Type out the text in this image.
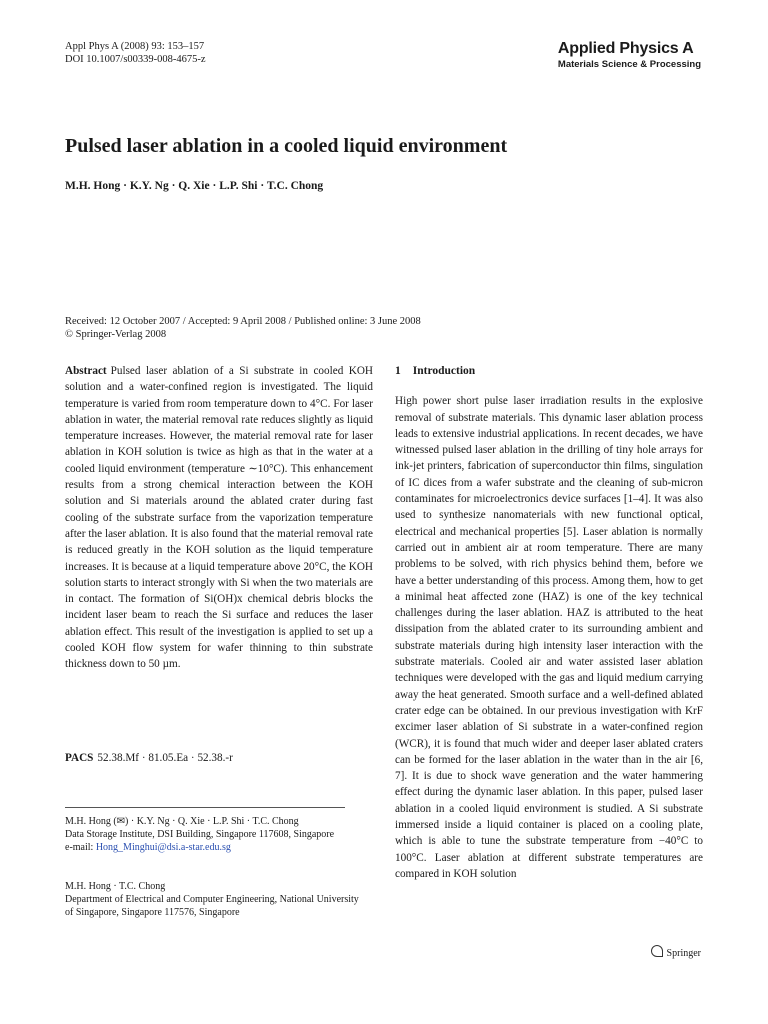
Appl Phys A (2008) 93: 153–157
DOI 10.1007/s00339-008-4675-z
Applied Physics A
Materials Science & Processing
Pulsed laser ablation in a cooled liquid environment
M.H. Hong · K.Y. Ng · Q. Xie · L.P. Shi · T.C. Chong
Received: 12 October 2007 / Accepted: 9 April 2008 / Published online: 3 June 2008
© Springer-Verlag 2008

Abstract Pulsed laser ablation of a Si substrate in cooled KOH solution and a water-confined region is investigated. The liquid temperature is varied from room temperature down to 4°C. For laser ablation in water, the material removal rate reduces slightly as liquid temperature increases. However, the material removal rate for laser ablation in KOH solution is twice as high as that in the water at a cooled liquid environment (temperature ∼10°C). This enhancement results from a strong chemical interaction between the KOH solution and Si materials around the ablated crater during fast cooling of the substrate surface from the vaporization temperature after the laser ablation. It is also found that the material removal rate is reduced greatly in the KOH solution as the liquid temperature increases. It is because at a liquid temperature above 20°C, the KOH solution starts to interact strongly with Si when the two materials are in contact. The formation of Si(OH)x chemical debris blocks the incident laser beam to reach the Si surface and reduces the laser ablation effect. This result of the investigation is applied to set up a cooled KOH flow system for wafer thinning to thin substrate thickness down to 50 µm.

PACS 52.38.Mf · 81.05.Ea · 52.38.-r
M.H. Hong (✉) · K.Y. Ng · Q. Xie · L.P. Shi · T.C. Chong
Data Storage Institute, DSI Building, Singapore 117608, Singapore
e-mail: Hong_Minghui@dsi.a-star.edu.sg
M.H. Hong · T.C. Chong
Department of Electrical and Computer Engineering, National University of Singapore, Singapore 117576, Singapore
1 Introduction

High power short pulse laser irradiation results in the explosive removal of substrate materials. This dynamic laser ablation process leads to extensive industrial applications. In recent decades, we have witnessed pulsed laser ablation in the drilling of tiny hole arrays for ink-jet printers, fabrication of superconductor thin films, singulation of IC dices from a wafer substrate and the cleaning of sub-micron contaminates for microelectronics device surfaces [1–4]. It was also used to synthesize nanomaterials with new functional optical, electrical and mechanical properties [5]. Laser ablation is normally carried out in ambient air at room temperature. There are many problems to be solved, with rich physics behind them, before we have a better understanding of this process. Among them, how to get a minimal heat affected zone (HAZ) is one of the key technical challenges during the laser ablation. HAZ is attributed to the heat dissipation from the ablated crater to its surrounding ambient and substrate materials during high intensity laser interaction with the substrate materials. Cooled air and water assisted laser ablation techniques were developed with the gas and liquid medium carrying away the heat generated. Smooth surface and a well-defined ablated crater edge can be obtained. In our previous investigation with KrF excimer laser ablation of Si substrate in a water-confined region (WCR), it is found that much wider and deeper laser ablated craters can be formed for the laser ablation in the water than in the air [6, 7]. It is due to shock wave generation and the water hammering effect during the dynamic laser ablation. In this paper, pulsed laser ablation in a cooled liquid environment is studied. A Si substrate immersed inside a liquid container is placed on a cooling plate, which is able to tune the substrate temperature from −40°C to 100°C. Laser ablation at different substrate temperatures are compared in KOH solution

Springer
